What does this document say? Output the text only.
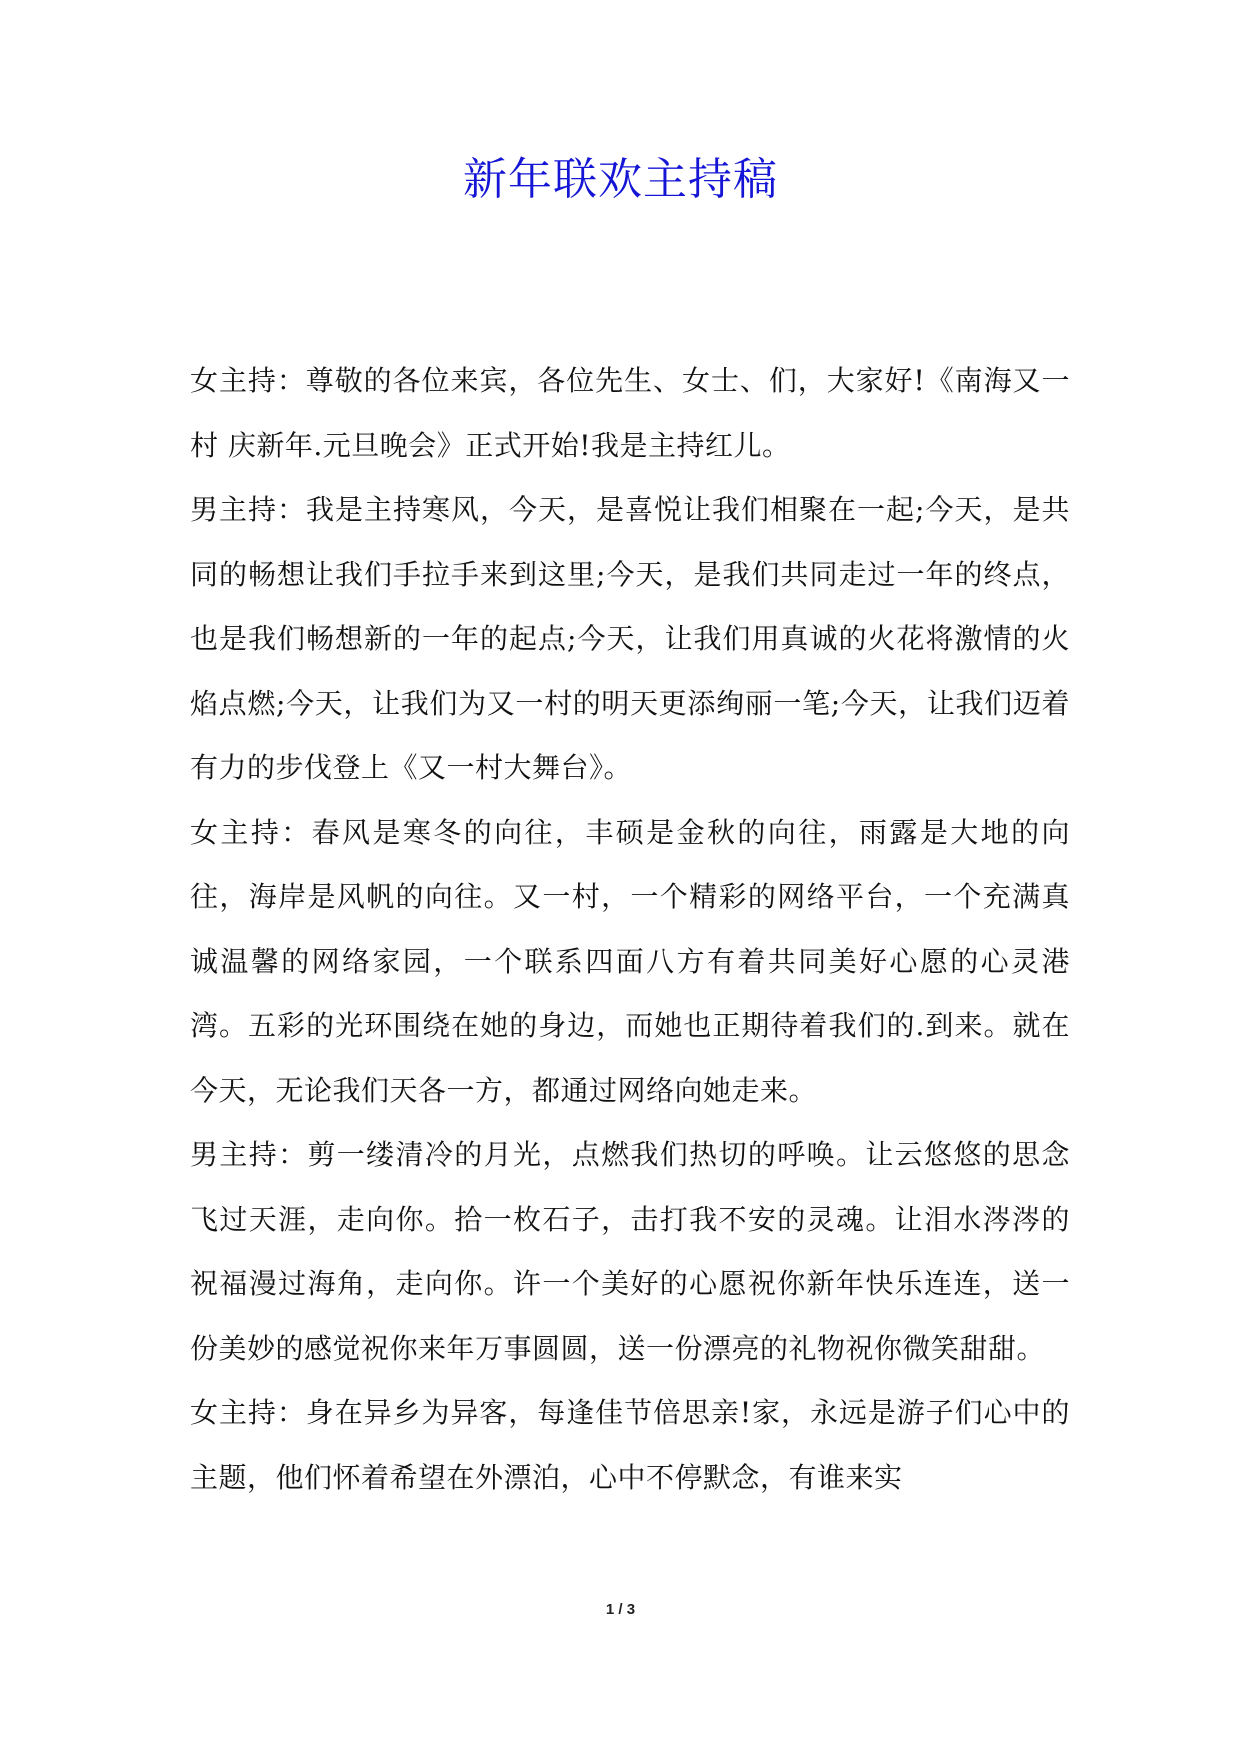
新年联欢主持稿

女主持：尊敬的各位来宾，各位先生、女士、们，大家好!《南海又一村 庆新年.元旦晚会》正式开始!我是主持红儿。

男主持：我是主持寒风，今天，是喜悦让我们相聚在一起;今天，是共同的畅想让我们手拉手来到这里;今天，是我们共同走过一年的终点，也是我们畅想新的一年的起点;今天，让我们用真诚的火花将激情的火焰点燃;今天，让我们为又一村的明天更添绚丽一笔;今天，让我们迈着有力的步伐登上《又一村大舞台》。

女主持：春风是寒冬的向往，丰硕是金秋的向往，雨露是大地的向往，海岸是风帆的向往。又一村，一个精彩的网络平台，一个充满真诚温馨的网络家园，一个联系四面八方有着共同美好心愿的心灵港湾。五彩的光环围绕在她的身边，而她也正期待着我们的.到来。就在今天，无论我们天各一方，都通过网络向她走来。

男主持：剪一缕清冷的月光，点燃我们热切的呼唤。让云悠悠的思念飞过天涯，走向你。拾一枚石子，击打我不安的灵魂。让泪水涔涔的祝福漫过海角，走向你。许一个美好的心愿祝你新年快乐连连，送一份美妙的感觉祝你来年万事圆圆，送一份漂亮的礼物祝你微笑甜甜。

女主持：身在异乡为异客，每逢佳节倍思亲!家，永远是游子们心中的主题，他们怀着希望在外漂泊，心中不停默念，有谁来实

1 / 3
